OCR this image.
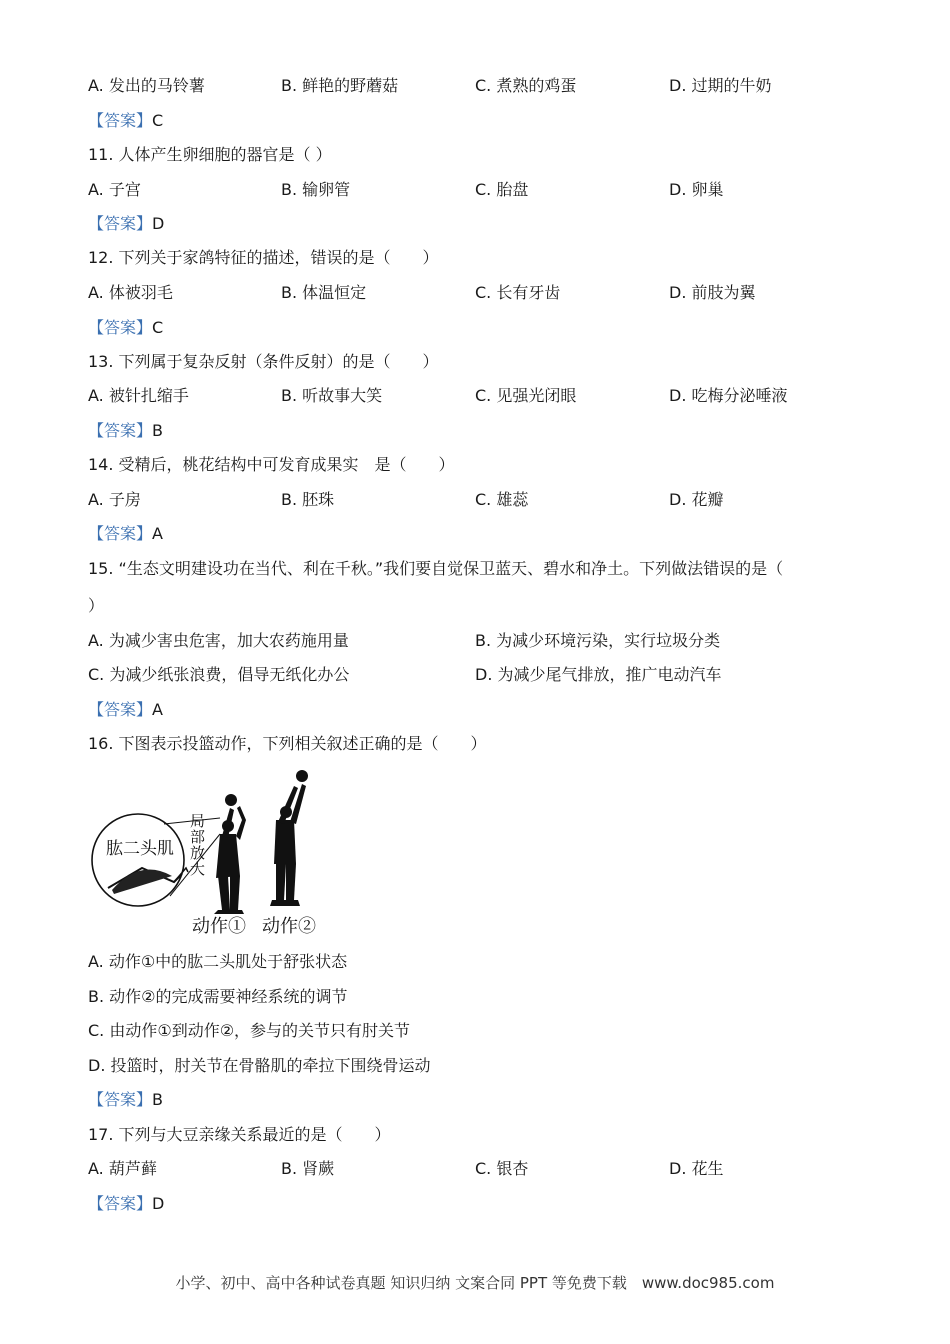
A. 发出的马铃薯	B. 鲜艳的野蘑菇	C. 煮熟的鸡蛋	D. 过期的牛奶
【答案】C
11. 人体产生卵细胞的器官是（ ）
A. 子宫	B. 输卵管	C. 胎盘	D. 卵巢
【答案】D
12. 下列关于家鸽特征的描述，错误的是（　　）
A. 体被羽毛	B. 体温恒定	C. 长有牙齿	D. 前肢为翼
【答案】C
13. 下列属于复杂反射（条件反射）的是（　　）
A. 被针扎缩手	B. 听故事大笑	C. 见强光闭眼	D. 吃梅分泌唾液
【答案】B
14. 受精后，桃花结构中可发育成果实　是（　　）
A. 子房	B. 胚珠	C. 雄蕊	D. 花瓣
【答案】A
15. “生态文明建设功在当代、利在千秋。”我们要自觉保卫蓝天、碧水和净土。下列做法错误的是（
）
A. 为减少害虫危害，加大农药施用量	B. 为减少环境污染，实行垃圾分类
C. 为减少纸张浪费，倡导无纸化办公	D. 为减少尾气排放，推广电动汽车
【答案】A
16. 下图表示投篮动作，下列相关叙述正确的是（　　）
肱二头肌
局部放大
动作① 动作②
A. 动作①中的肱二头肌处于舒张状态
B. 动作②的完成需要神经系统的调节
C. 由动作①到动作②，参与的关节只有肘关节
D. 投篮时，肘关节在骨骼肌的牵拉下围绕骨运动
【答案】B
17. 下列与大豆亲缘关系最近的是（　　）
A. 葫芦藓	B. 肾蕨	C. 银杏	D. 花生
【答案】D
小学、初中、高中各种试卷真题 知识归纳 文案合同 PPT 等免费下载　www.doc985.com
